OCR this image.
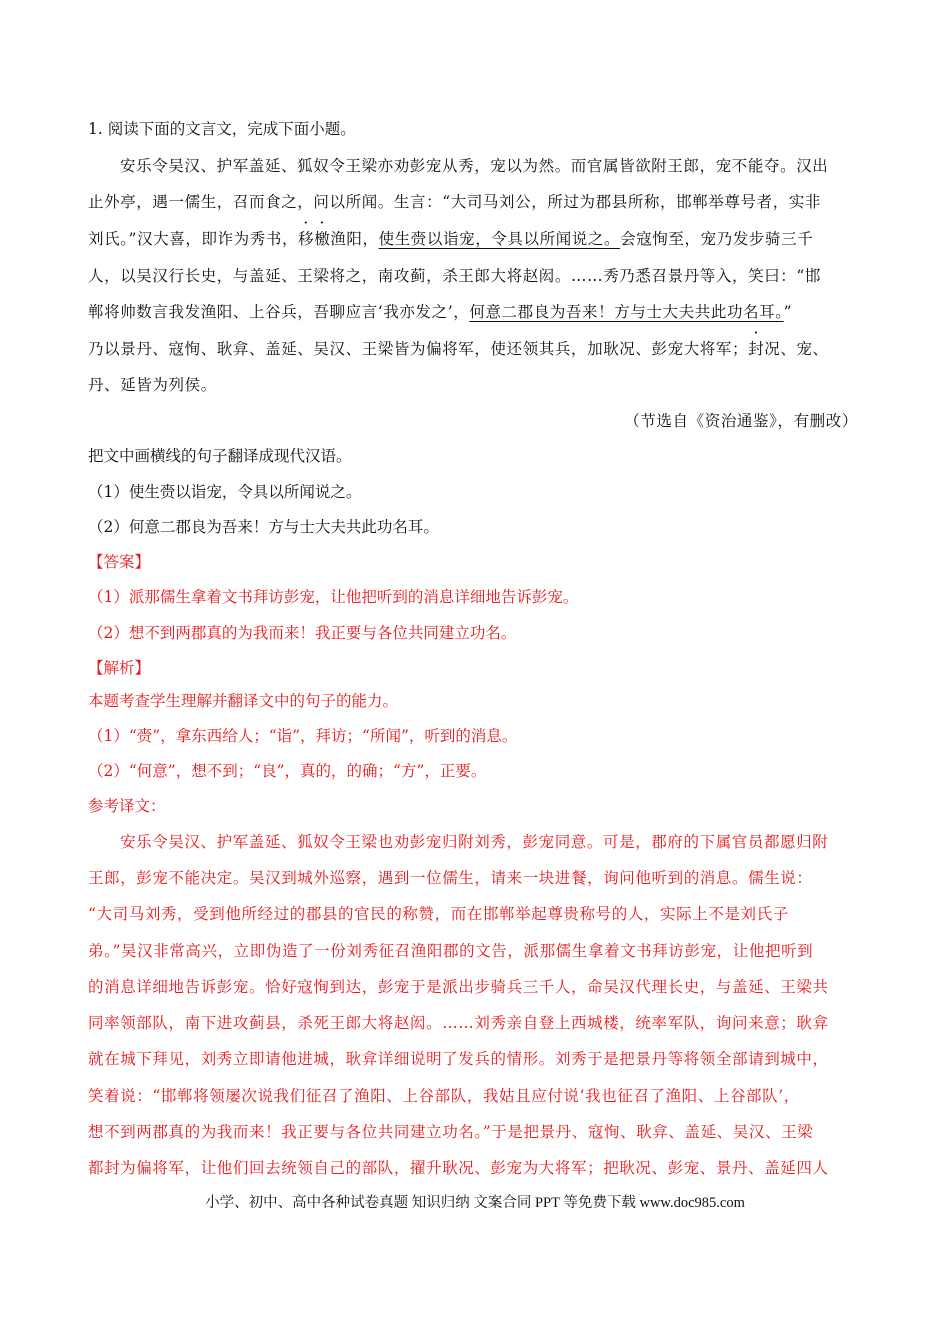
1. 阅读下面的文言文，完成下面小题。
安乐令吴汉、护军盖延、狐奴令王梁亦劝彭宠从秀，宠以为然。而官属皆欲附王郎，宠不能夺。汉出
止外亭，遇一儒生，召而食之，问以所闻。生言：“大司马刘公，所过为郡县所称，邯郸举尊号者，实非
刘氏。”汉大喜，即诈为秀书，移檄渔阳，使生赍以诣宠，令具以所闻说之。会寇恂至，宠乃发步骑三千
人，以吴汉行长史，与盖延、王梁将之，南攻蓟，杀王郎大将赵闳。……秀乃悉召景丹等入，笑曰：“邯
郸将帅数言我发渔阳、上谷兵，吾聊应言‘我亦发之’，何意二郡良为吾来！方与士大夫共此功名耳。”
乃以景丹、寇恂、耿弇、盖延、吴汉、王梁皆为偏将军，使还领其兵，加耿况、彭宠大将军；封况、宠、
丹、延皆为列侯。
（节选自《资治通鉴》，有删改）
把文中画横线的句子翻译成现代汉语。
（1）使生赍以诣宠，令具以所闻说之。
（2）何意二郡良为吾来！方与士大夫共此功名耳。
【答案】
（1）派那儒生拿着文书拜访彭宠，让他把听到的消息详细地告诉彭宠。
（2）想不到两郡真的为我而来！我正要与各位共同建立功名。
【解析】
本题考查学生理解并翻译文中的句子的能力。
（1）“赍”，拿东西给人；“诣”，拜访；“所闻”，听到的消息。
（2）“何意”，想不到；“良”，真的，的确；“方”，正要。
参考译文：
安乐令吴汉、护军盖延、狐奴令王梁也劝彭宠归附刘秀，彭宠同意。可是，郡府的下属官员都愿归附
王郎，彭宠不能决定。吴汉到城外巡察，遇到一位儒生，请来一块进餐，询问他听到的消息。儒生说：
“大司马刘秀，受到他所经过的郡县的官民的称赞，而在邯郸举起尊贵称号的人，实际上不是刘氏子
弟。”吴汉非常高兴，立即伪造了一份刘秀征召渔阳郡的文告，派那儒生拿着文书拜访彭宠，让他把听到
的消息详细地告诉彭宠。恰好寇恂到达，彭宠于是派出步骑兵三千人，命吴汉代理长史，与盖延、王梁共
同率领部队，南下进攻蓟县，杀死王郎大将赵闳。……刘秀亲自登上西城楼，统率军队，询问来意；耿弇
就在城下拜见，刘秀立即请他进城，耿弇详细说明了发兵的情形。刘秀于是把景丹等将领全部请到城中，
笑着说：“邯郸将领屡次说我们征召了渔阳、上谷部队，我姑且应付说‘我也征召了渔阳、上谷部队’，
想不到两郡真的为我而来！我正要与各位共同建立功名。”于是把景丹、寇恂、耿弇、盖延、吴汉、王梁
都封为偏将军，让他们回去统领自己的部队，擢升耿况、彭宠为大将军；把耿况、彭宠、景丹、盖延四人
小学、初中、高中各种试卷真题 知识归纳 文案合同 PPT 等免费下载 www.doc985.com
